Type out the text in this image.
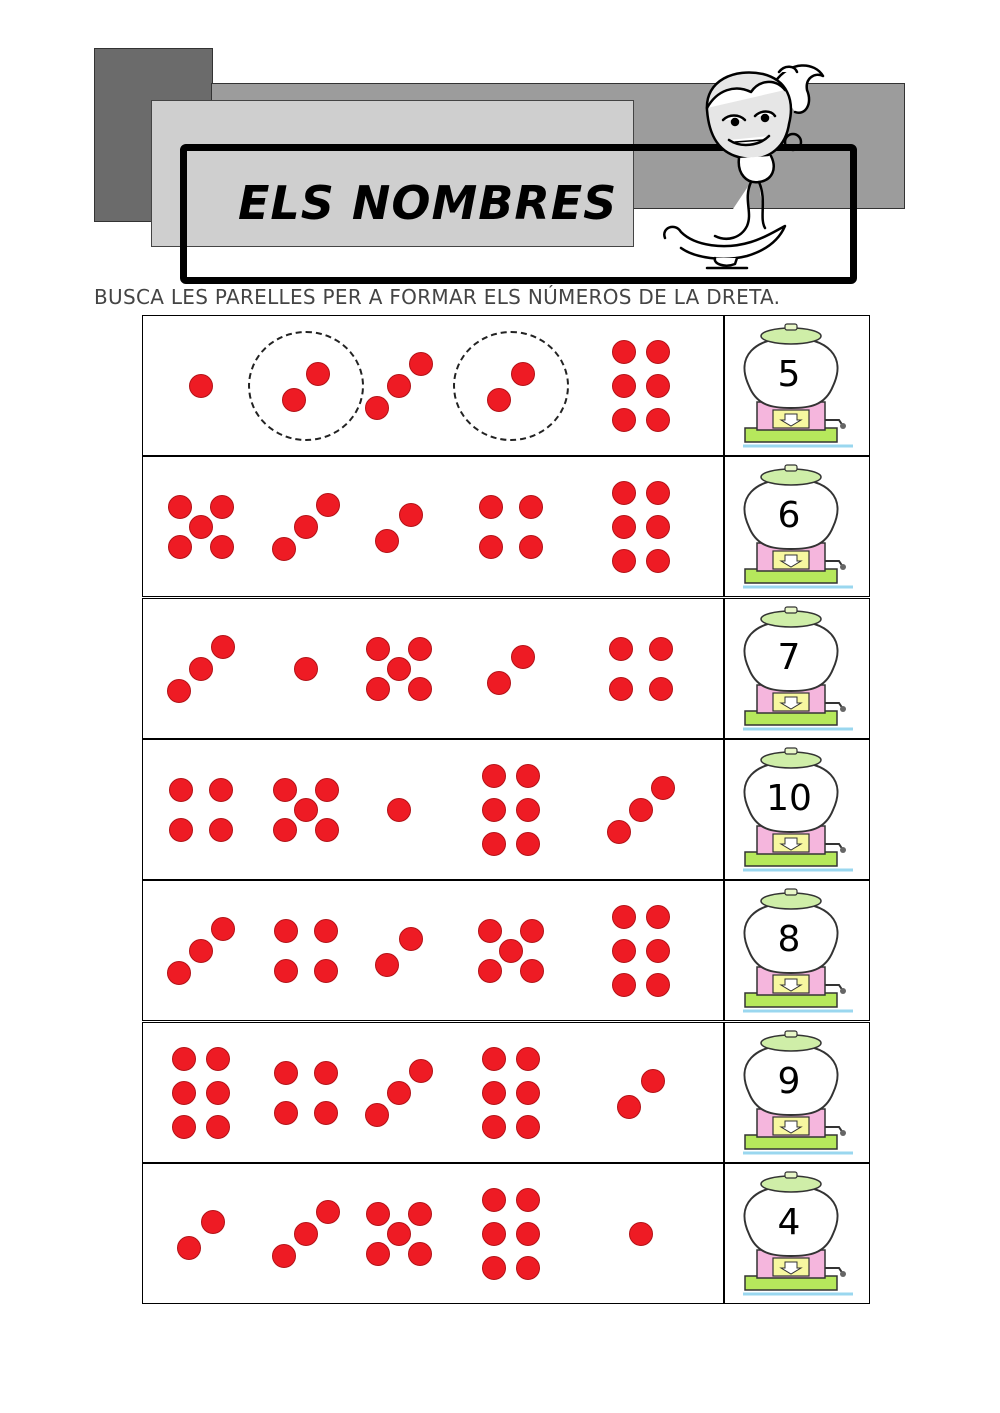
ELS NOMBRES
BUSCA LES PARELLES PER A FORMAR ELS NÚMEROS DE LA DRETA.
5
6
7
10
8
9
4
